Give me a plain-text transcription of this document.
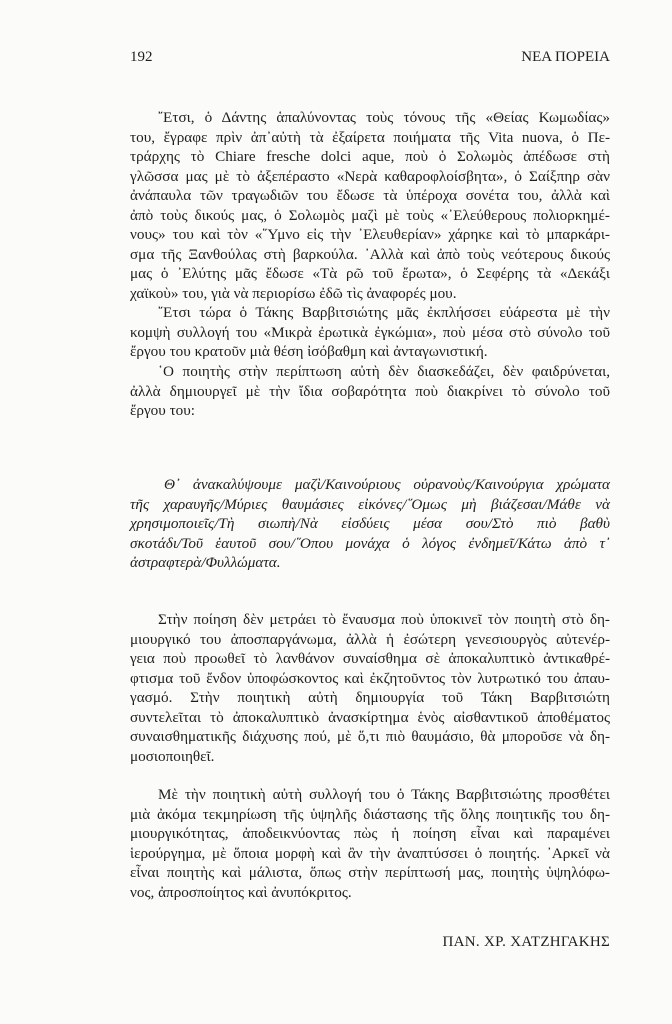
192	ΝΕΑ ΠΟΡΕΙΑ
῎Ετσι, ὁ Δάντης ἁπαλύνοντας τοὺς τόνους τῆς «Θείας Κωμωδίας»
του, ἔγραφε πρὶν ἀπ᾿αὐτὴ τὰ ἐξαίρετα ποιήματα τῆς Vita nuova, ὁ Πε-
τράρχης τὸ Chiare fresche dolci aque, ποὺ ὁ Σολωμὸς ἀπέδωσε στὴ
γλῶσσα μας μὲ τὸ ἀξεπέραστο «Νερὰ καθαροφλοίσβητα», ὁ Σαίξπηρ σὰν
ἀνάπαυλα τῶν τραγωδιῶν του ἔδωσε τὰ ὑπέροχα σονέτα του, ἀλλὰ καὶ
ἀπὸ τοὺς δικούς μας, ὁ Σολωμὸς μαζὶ μὲ τοὺς «᾿Ελεύθερους πολιορκημέ-
νους» του καὶ τὸν «῞Υμνο εἰς τὴν ᾿Ελευθερίαν» χάρηκε καὶ τὸ μπαρκάρι-
σμα τῆς Ξανθούλας στὴ βαρκούλα. ᾿Αλλὰ καὶ ἀπὸ τοὺς νεότερους δικούς
μας ὁ ᾿Ελύτης μᾶς ἔδωσε «Τὰ ρῶ τοῦ ἔρωτα», ὁ Σεφέρης τὰ «Δεκάξι
χαϊκοὺ» του, γιὰ νὰ περιορίσω ἐδῶ τὶς ἀναφορές μου.
῎Ετσι τώρα ὁ Τάκης Βαρβιτσιώτης μᾶς ἐκπλήσσει εὐάρεστα μὲ τὴν
κομψὴ συλλογή του «Μικρὰ ἐρωτικὰ ἐγκώμια», ποὺ μέσα στὸ σύνολο τοῦ
ἔργου του κρατοῦν μιὰ θέση ἰσόβαθμη καὶ ἀνταγωνιστική.
῾Ο ποιητὴς στὴν περίπτωση αὐτὴ δὲν διασκεδάζει, δὲν φαιδρύνεται,
ἀλλὰ δημιουργεῖ μὲ τὴν ἴδια σοβαρότητα ποὺ διακρίνει τὸ σύνολο τοῦ
ἔργου του:
Θ᾿ ἀνακαλύψουμε μαζὶ/Καινούριους οὐρανοὺς/Καινούργια χρώματα
τῆς χαραυγῆς/Μύριες θαυμάσιες εἰκόνες/῞Ομως μὴ βιάζεσαι/Μάθε νὰ
χρησιμοποιεῖς/Τὴ σιωπὴ/Νὰ εἰσδύεις μέσα σου/Στὸ πιὸ βαθὺ
σκοτάδι/Τοῦ ἑαυτοῦ σου/῞Οπου μονάχα ὁ λόγος ἐνδημεῖ/Κάτω ἀπὸ τ᾿
ἀστραφτερὰ/Φυλλώματα.
Στὴν ποίηση δὲν μετράει τὸ ἔναυσμα ποὺ ὑποκινεῖ τὸν ποιητὴ στὸ δη-
μιουργικό του ἀποσπαργάνωμα, ἀλλὰ ἡ ἐσώτερη γενεσιουργὸς αὐτενέρ-
γεια ποὺ προωθεῖ τὸ λανθάνον συναίσθημα σὲ ἀποκαλυπτικὸ ἀντικαθρέ-
φτισμα τοῦ ἔνδον ὑποφώσκοντος καὶ ἐκζητοῦντος τὸν λυτρωτικό του ἀπαυ-
γασμό. Στὴν ποιητικὴ αὐτὴ δημιουργία τοῦ Τάκη Βαρβιτσιώτη
συντελεῖται τὸ ἀποκαλυπτικὸ ἀνασκίρτημα ἑνὸς αἰσθαντικοῦ ἀποθέματος
συναισθηματικῆς διάχυσης πού, μὲ ὅ,τι πιὸ θαυμάσιο, θὰ μποροῦσε νὰ δη-
μοσιοποιηθεῖ.
Μὲ τὴν ποιητικὴ αὐτὴ συλλογή του ὁ Τάκης Βαρβιτσιώτης προσθέτει
μιὰ ἀκόμα τεκμηρίωση τῆς ὑψηλῆς διάστασης τῆς ὅλης ποιητικῆς του δη-
μιουργικότητας, ἀποδεικνύοντας πὼς ἡ ποίηση εἶναι καὶ παραμένει
ἱερούργημα, μὲ ὅποια μορφὴ καὶ ἂν τὴν ἀναπτύσσει ὁ ποιητής. ᾿Αρκεῖ νὰ
εἶναι ποιητὴς καὶ μάλιστα, ὅπως στὴν περίπτωσή μας, ποιητὴς ὑψηλόφω-
νος, ἀπροσποίητος καὶ ἀνυπόκριτος.
ΠΑΝ. ΧΡ. ΧΑΤΖΗΓΑΚΗΣ
